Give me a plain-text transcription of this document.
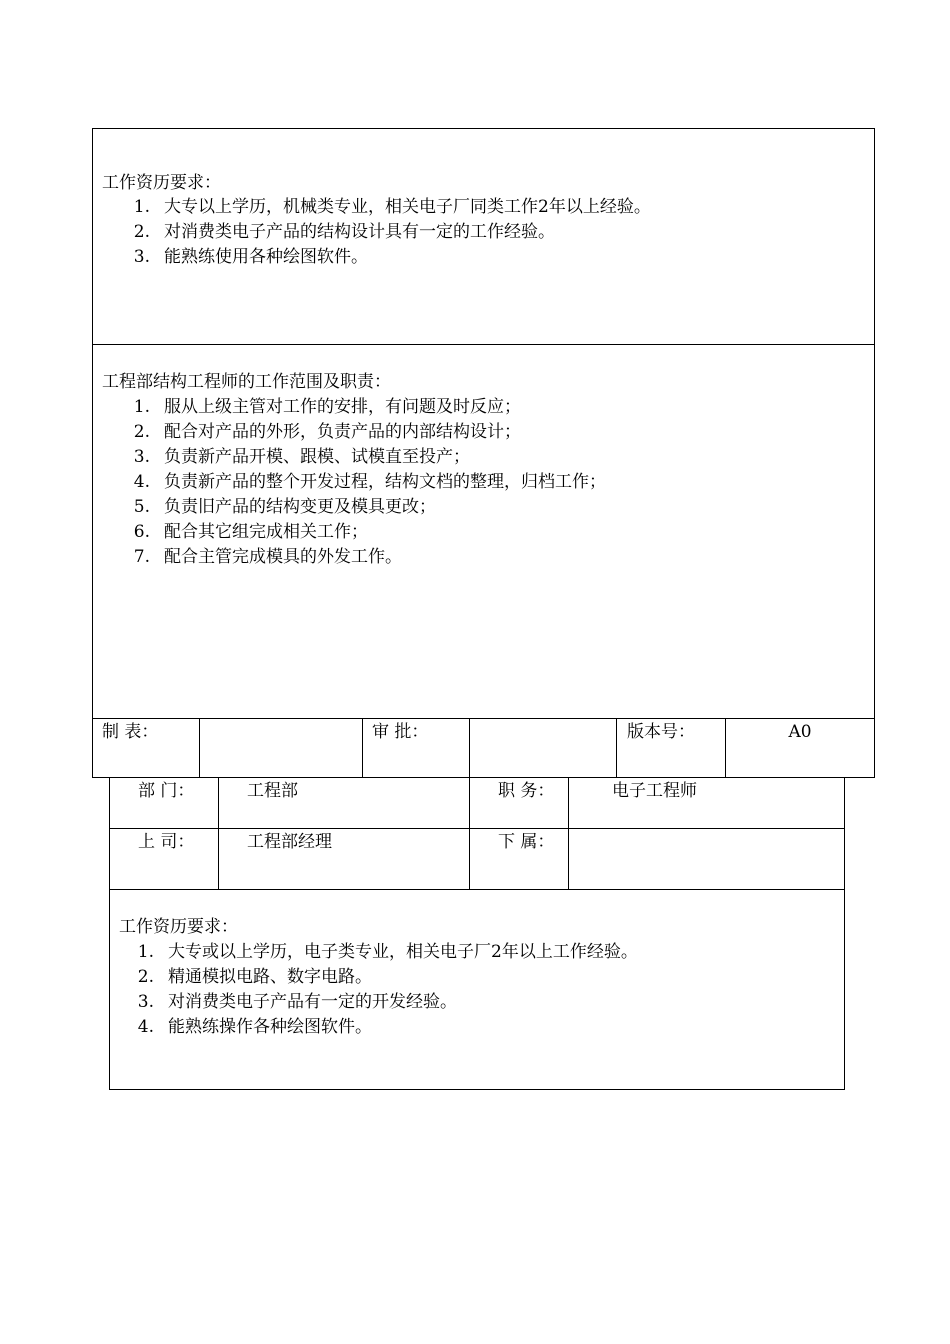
部 门：	工程部	职 务：	电子工程师
上 司：	工程部经理	下 属：
工作资历要求：
1. 大专或以上学历，电子类专业，相关电子厂2年以上工作经验。
2. 精通模拟电路、数字电路。
3. 对消费类电子产品有一定的开发经验。
4. 能熟练操作各种绘图软件。
工作资历要求：
1. 大专以上学历，机械类专业，相关电子厂同类工作2年以上经验。
2. 对消费类电子产品的结构设计具有一定的工作经验。
3. 能熟练使用各种绘图软件。
工程部结构工程师的工作范围及职责：
1. 服从上级主管对工作的安排，有问题及时反应；
2. 配合对产品的外形，负责产品的内部结构设计；
3. 负责新产品开模、跟模、试模直至投产；
4. 负责新产品的整个开发过程，结构文档的整理，归档工作；
5. 负责旧产品的结构变更及模具更改；
6. 配合其它组完成相关工作；
7. 配合主管完成模具的外发工作。
制 表：	审 批：	版本号：	A0
